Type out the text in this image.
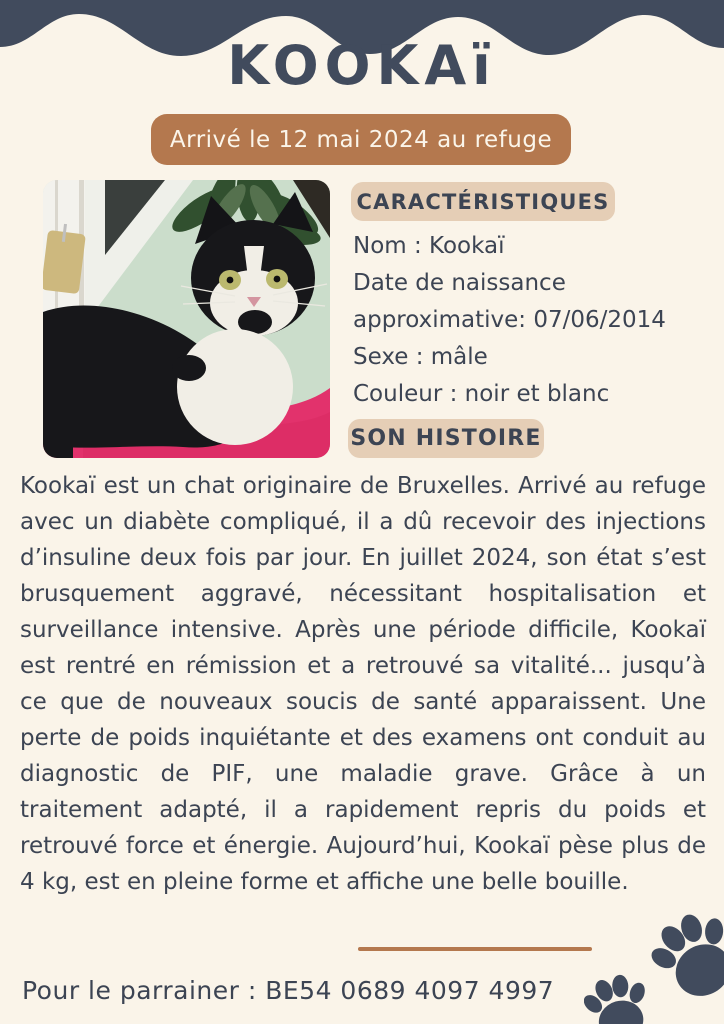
KOOKAï
Arrivé le 12 mai 2024 au refuge
CARACTÉRISTIQUES
Nom : Kookaï
Date de naissance approximative: 07/06/2014
Sexe : mâle
Couleur : noir et blanc
SON HISTOIRE

Kookaï est un chat originaire de Bruxelles. Arrivé au refuge avec un diabète compliqué, il a dû recevoir des injections d’insuline deux fois par jour. En juillet 2024, son état s’est brusquement aggravé, nécessitant hospitalisation et surveillance intensive. Après une période difficile, Kookaï est rentré en rémission et a retrouvé sa vitalité... jusqu’à ce que de nouveaux soucis de santé apparaissent. Une perte de poids inquiétante et des examens ont conduit au diagnostic de PIF, une maladie grave. Grâce à un traitement adapté, il a rapidement repris du poids et retrouvé force et énergie. Aujourd’hui, Kookaï pèse plus de 4 kg, est en pleine forme et affiche une belle bouille.

Pour le parrainer : BE54 0689 4097 4997
